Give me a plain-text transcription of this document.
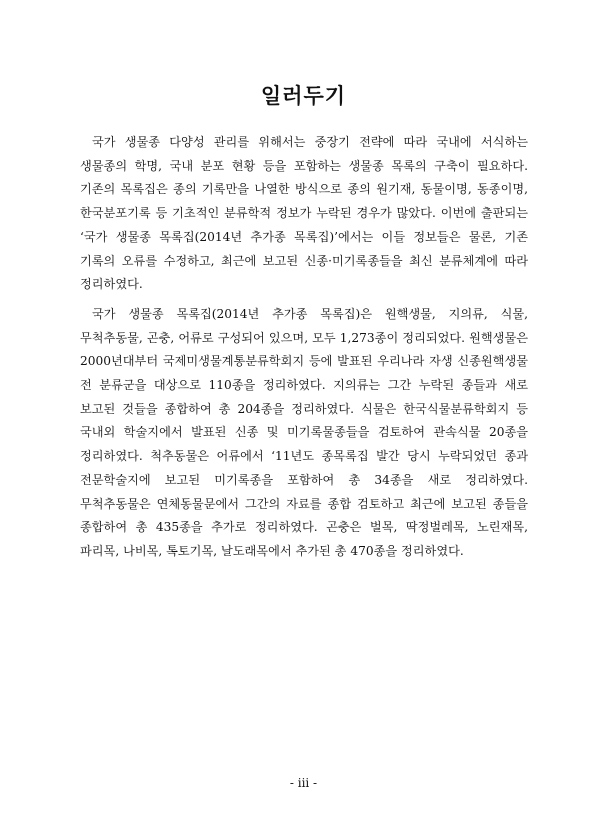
일러두기

국가 생물종 다양성 관리를 위해서는 중장기 전략에 따라 국내에 서식하는 생물종의 학명, 국내 분포 현황 등을 포함하는 생물종 목록의 구축이 필요하다. 기존의 목록집은 종의 기록만을 나열한 방식으로 종의 원기재, 동물이명, 동종이명, 한국분포기록 등 기초적인 분류학적 정보가 누락된 경우가 많았다. 이번에 출판되는 ‘국가 생물종 목록집(2014년 추가종 목록집)’에서는 이들 정보들은 물론, 기존 기록의 오류를 수정하고, 최근에 보고된 신종·미기록종들을 최신 분류체계에 따라 정리하였다.

국가 생물종 목록집(2014년 추가종 목록집)은 원핵생물, 지의류, 식물, 무척추동물, 곤충, 어류로 구성되어 있으며, 모두 1,273종이 정리되었다. 원핵생물은 2000년대부터 국제미생물계통분류학회지 등에 발표된 우리나라 자생 신종원핵생물 전 분류군을 대상으로 110종을 정리하였다. 지의류는 그간 누락된 종들과 새로 보고된 것들을 종합하여 총 204종을 정리하였다. 식물은 한국식물분류학회지 등 국내외 학술지에서 발표된 신종 및 미기록물종들을 검토하여 관속식물 20종을 정리하였다. 척추동물은 어류에서 ‘11년도 종목록집 발간 당시 누락되었던 종과 전문학술지에 보고된 미기록종을 포함하여 총 34종을 새로 정리하였다. 무척추동물은 연체동물문에서 그간의 자료를 종합 검토하고 최근에 보고된 종들을 종합하여 총 435종을 추가로 정리하였다. 곤충은 벌목, 딱정벌레목, 노린재목, 파리목, 나비목, 톡토기목, 날도래목에서 추가된 총 470종을 정리하였다.

- iii -
